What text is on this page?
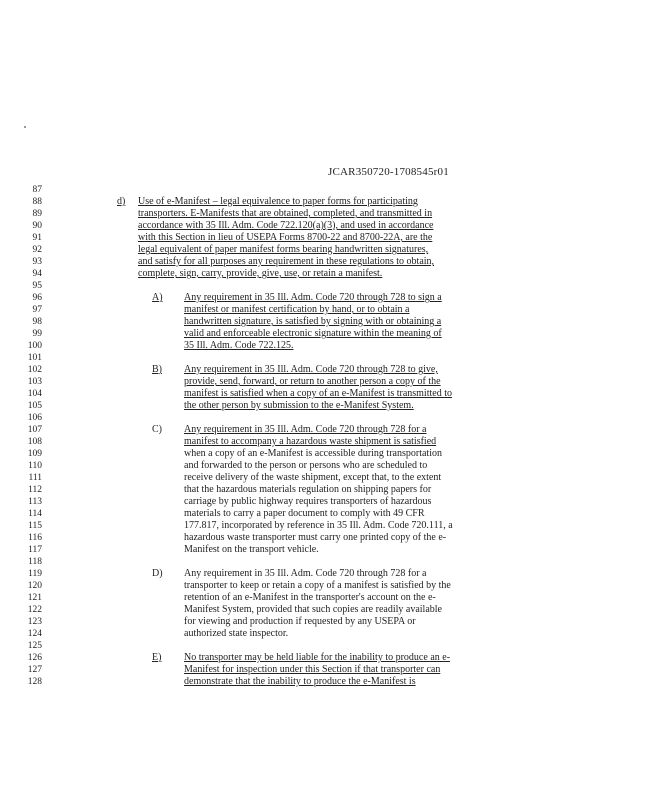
JCAR350720-1708545r01
87
88
89
90
91
92
93
94
95
96
97
98
99
100
101
102
103
104
105
106
107
108
109
110
111
112
113
114
115
116
117
118
119
120
121
122
123
124
125
126
127
128
d) Use of e-Manifest – legal equivalence to paper forms for participating
transporters. E-Manifests that are obtained, completed, and transmitted in
accordance with 35 Ill. Adm. Code 722.120(a)(3), and used in accordance
with this Section in lieu of USEPA Forms 8700-22 and 8700-22A, are the
legal equivalent of paper manifest forms bearing handwritten signatures,
and satisfy for all purposes any requirement in these regulations to obtain,
complete, sign, carry, provide, give, use, or retain a manifest.
A) Any requirement in 35 Ill. Adm. Code 720 through 728 to sign a
manifest or manifest certification by hand, or to obtain a
handwritten signature, is satisfied by signing with or obtaining a
valid and enforceable electronic signature within the meaning of
35 Ill. Adm. Code 722.125.
B) Any requirement in 35 Ill. Adm. Code 720 through 728 to give,
provide, send, forward, or return to another person a copy of the
manifest is satisfied when a copy of an e-Manifest is transmitted to
the other person by submission to the e-Manifest System.
C) Any requirement in 35 Ill. Adm. Code 720 through 728 for a
manifest to accompany a hazardous waste shipment is satisfied
when a copy of an e-Manifest is accessible during transportation
and forwarded to the person or persons who are scheduled to
receive delivery of the waste shipment, except that, to the extent
that the hazardous materials regulation on shipping papers for
carriage by public highway requires transporters of hazardous
materials to carry a paper document to comply with 49 CFR
177.817, incorporated by reference in 35 Ill. Adm. Code 720.111, a
hazardous waste transporter must carry one printed copy of the e-
Manifest on the transport vehicle.
D) Any requirement in 35 Ill. Adm. Code 720 through 728 for a
transporter to keep or retain a copy of a manifest is satisfied by the
retention of an e-Manifest in the transporter's account on the e-
Manifest System, provided that such copies are readily available
for viewing and production if requested by any USEPA or
authorized state inspector.
E) No transporter may be held liable for the inability to produce an e-
Manifest for inspection under this Section if that transporter can
demonstrate that the inability to produce the e-Manifest is
